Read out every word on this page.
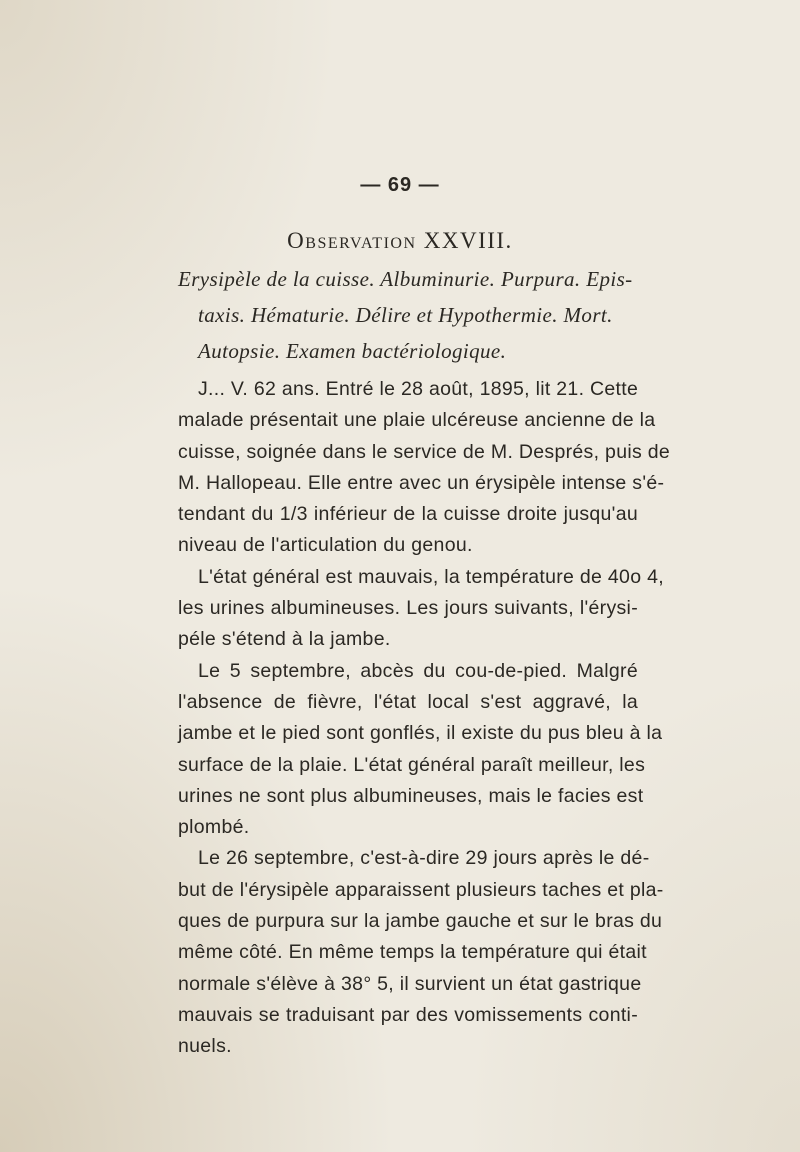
— 69 —
Observation XXVIII.
Erysipèle de la cuisse. Albuminurie. Purpura. Epis-
taxis. Hématurie. Délire et Hypothermie. Mort.
Autopsie. Examen bactériologique.
J... V. 62 ans. Entré le 28 août, 1895, lit 21. Cette
malade présentait une plaie ulcéreuse ancienne de la
cuisse, soignée dans le service de M. Després, puis de
M. Hallopeau. Elle entre avec un érysipèle intense s'é-
tendant du 1/3 inférieur de la cuisse droite jusqu'au
niveau de l'articulation du genou.
L'état général est mauvais, la température de 40o 4,
les urines albumineuses. Les jours suivants, l'érysi-
péle s'étend à la jambe.
Le 5 septembre, abcès du cou-de-pied. Malgré
l'absence de fièvre, l'état local s'est aggravé, la
jambe et le pied sont gonflés, il existe du pus bleu à la
surface de la plaie. L'état général paraît meilleur, les
urines ne sont plus albumineuses, mais le facies est
plombé.
Le 26 septembre, c'est-à-dire 29 jours après le dé-
but de l'érysipèle apparaissent plusieurs taches et pla-
ques de purpura sur la jambe gauche et sur le bras du
même côté. En même temps la température qui était
normale s'élève à 38° 5, il survient un état gastrique
mauvais se traduisant par des vomissements conti-
nuels.
